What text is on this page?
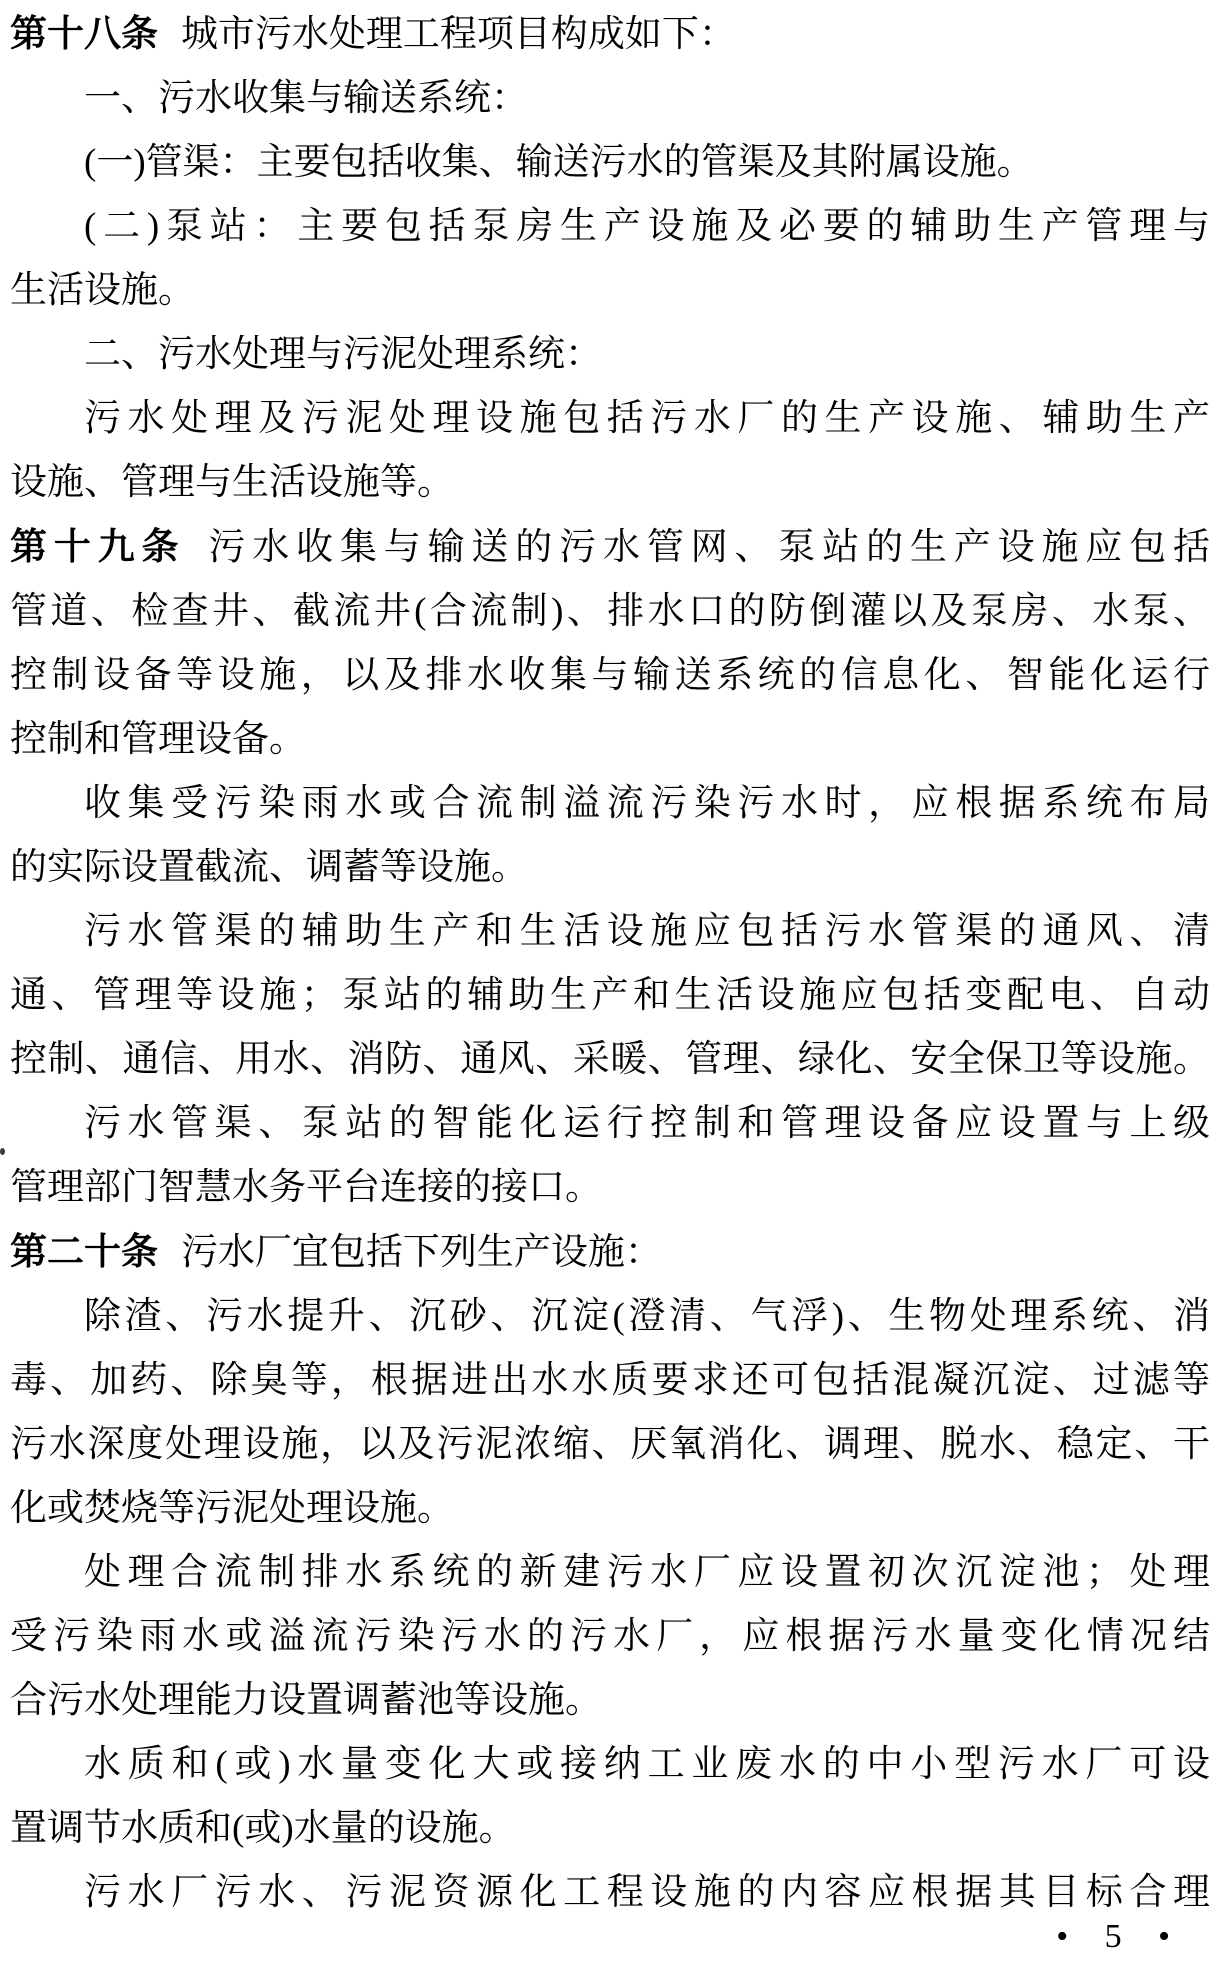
第十八条 城市污水处理工程项目构成如下：

一、污水收集与输送系统：

(一)管渠：主要包括收集、输送污水的管渠及其附属设施。

(二)泵站：主要包括泵房生产设施及必要的辅助生产管理与

生活设施。

二、污水处理与污泥处理系统：

污水处理及污泥处理设施包括污水厂的生产设施、辅助生产

设施、管理与生活设施等。

第十九条 污水收集与输送的污水管网、泵站的生产设施应包括

管道、检查井、截流井(合流制)、排水口的防倒灌以及泵房、水泵、

控制设备等设施，以及排水收集与输送系统的信息化、智能化运行

控制和管理设备。

收集受污染雨水或合流制溢流污染污水时，应根据系统布局

的实际设置截流、调蓄等设施。

污水管渠的辅助生产和生活设施应包括污水管渠的通风、清

通、管理等设施；泵站的辅助生产和生活设施应包括变配电、自动

控制、通信、用水、消防、通风、采暖、管理、绿化、安全保卫等设施。

污水管渠、泵站的智能化运行控制和管理设备应设置与上级

管理部门智慧水务平台连接的接口。

第二十条 污水厂宜包括下列生产设施：

除渣、污水提升、沉砂、沉淀(澄清、气浮)、生物处理系统、消

毒、加药、除臭等，根据进出水水质要求还可包括混凝沉淀、过滤等

污水深度处理设施，以及污泥浓缩、厌氧消化、调理、脱水、稳定、干

化或焚烧等污泥处理设施。

处理合流制排水系统的新建污水厂应设置初次沉淀池；处理

受污染雨水或溢流污染污水的污水厂，应根据污水量变化情况结

合污水处理能力设置调蓄池等设施。

水质和(或)水量变化大或接纳工业废水的中小型污水厂可设

置调节水质和(或)水量的设施。

污水厂污水、污泥资源化工程设施的内容应根据其目标合理

• 5 •
